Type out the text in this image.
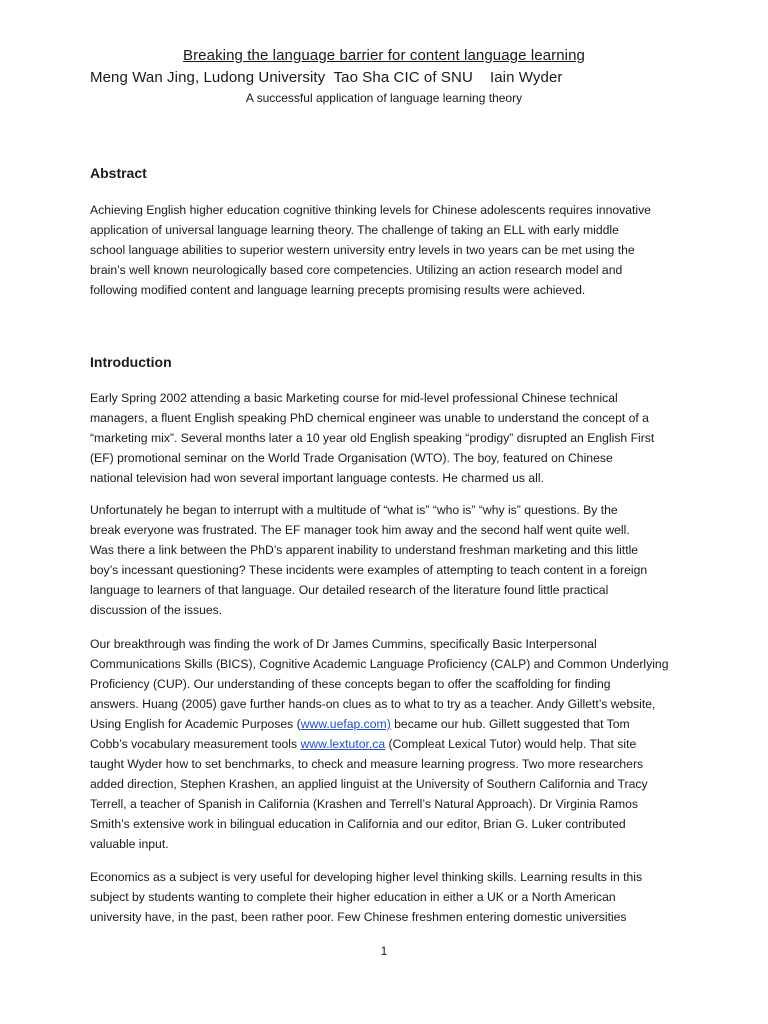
Breaking the language barrier for content language learning
Meng Wan Jing, Ludong University  Tao Sha CIC of SNU    Iain Wyder
A successful application of language learning theory
Abstract
Achieving English higher education cognitive thinking levels for Chinese adolescents requires innovative
application of universal language learning theory. The challenge of taking an ELL with early middle
school language abilities to superior western university entry levels in two years can be met using the
brain’s well known neurologically based core competencies. Utilizing an action research model and
following modified content and language learning precepts promising results were achieved.
Introduction
Early Spring 2002 attending a basic Marketing course for mid-level professional Chinese technical
managers, a fluent English speaking PhD chemical engineer was unable to understand the concept of a
“marketing mix”. Several months later a 10 year old English speaking “prodigy” disrupted an English First
(EF) promotional seminar on the World Trade Organisation (WTO). The boy, featured on Chinese
national television had won several important language contests. He charmed us all.
Unfortunately he began to interrupt with a multitude of “what is” “who is” “why is” questions. By the
break everyone was frustrated. The EF manager took him away and the second half went quite well.
Was there a link between the PhD’s apparent inability to understand freshman marketing and this little
boy’s incessant questioning? These incidents were examples of attempting to teach content in a foreign
language to learners of that language. Our detailed research of the literature found little practical
discussion of the issues.
Our breakthrough was finding the work of Dr James Cummins, specifically Basic Interpersonal
Communications Skills (BICS), Cognitive Academic Language Proficiency (CALP) and Common Underlying
Proficiency (CUP). Our understanding of these concepts began to offer the scaffolding for finding
answers. Huang (2005) gave further hands-on clues as to what to try as a teacher. Andy Gillett’s website,
Using English for Academic Purposes (www.uefap.com) became our hub. Gillett suggested that Tom
Cobb’s vocabulary measurement tools www.lextutor.ca (Compleat Lexical Tutor) would help. That site
taught Wyder how to set benchmarks, to check and measure learning progress. Two more researchers
added direction, Stephen Krashen, an applied linguist at the University of Southern California and Tracy
Terrell, a teacher of Spanish in California (Krashen and Terrell’s Natural Approach). Dr Virginia Ramos
Smith’s extensive work in bilingual education in California and our editor, Brian G. Luker contributed
valuable input.
Economics as a subject is very useful for developing higher level thinking skills. Learning results in this
subject by students wanting to complete their higher education in either a UK or a North American
university have, in the past, been rather poor. Few Chinese freshmen entering domestic universities
1
